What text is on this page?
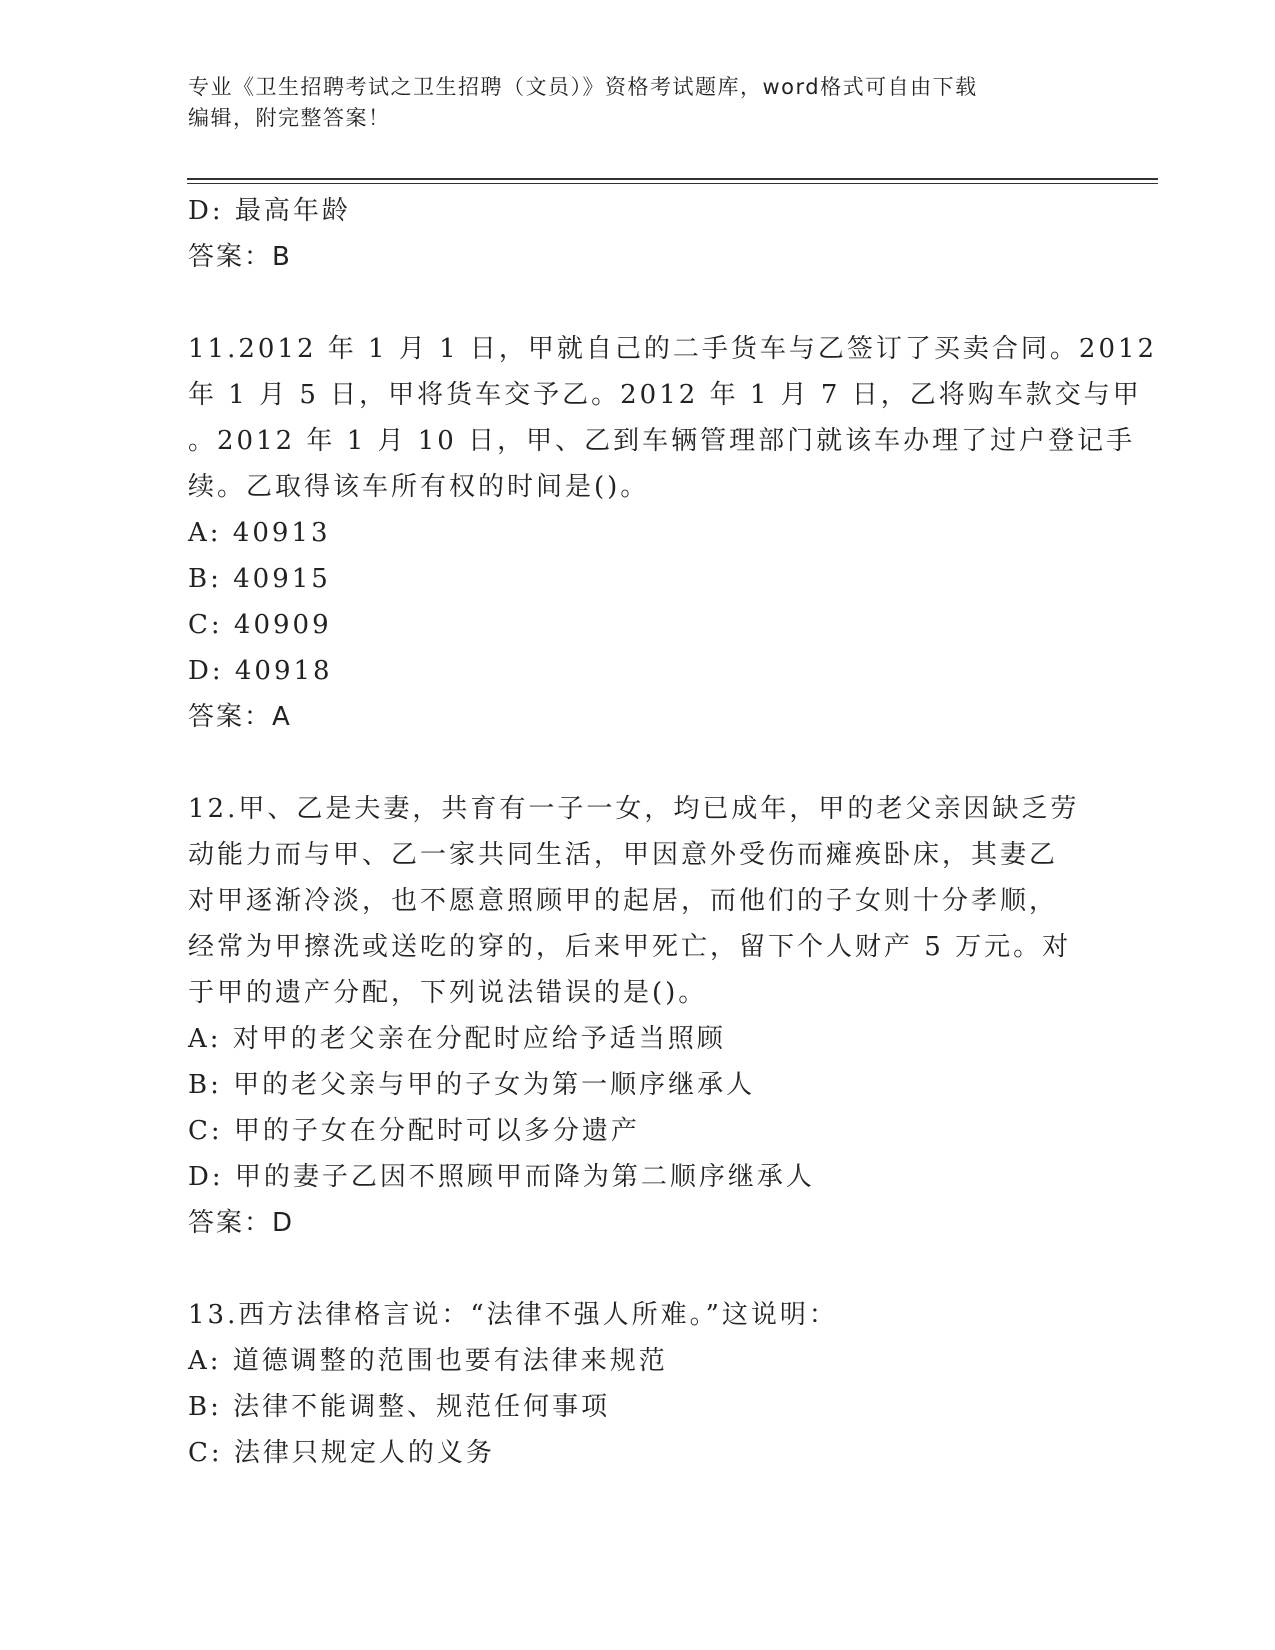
专业《卫生招聘考试之卫生招聘（文员）》资格考试题库，word格式可自由下载
编辑，附完整答案！
D: 最高年龄
答案：B
11.2012 年 1 月 1 日，甲就自己的二手货车与乙签订了买卖合同。2012
年 1 月 5 日，甲将货车交予乙。2012 年 1 月 7 日，乙将购车款交与甲
。2012 年 1 月 10 日，甲、乙到车辆管理部门就该车办理了过户登记手
续。乙取得该车所有权的时间是()。
A: 40913
B: 40915
C: 40909
D: 40918
答案：A
12.甲、乙是夫妻，共育有一子一女，均已成年，甲的老父亲因缺乏劳
动能力而与甲、乙一家共同生活，甲因意外受伤而瘫痪卧床，其妻乙
对甲逐渐冷淡，也不愿意照顾甲的起居，而他们的子女则十分孝顺，
经常为甲擦洗或送吃的穿的，后来甲死亡，留下个人财产 5 万元。对
于甲的遗产分配，下列说法错误的是()。
A: 对甲的老父亲在分配时应给予适当照顾
B: 甲的老父亲与甲的子女为第一顺序继承人
C: 甲的子女在分配时可以多分遗产
D: 甲的妻子乙因不照顾甲而降为第二顺序继承人
答案：D
13.西方法律格言说：“法律不强人所难。”这说明：
A: 道德调整的范围也要有法律来规范
B: 法律不能调整、规范任何事项
C: 法律只规定人的义务
